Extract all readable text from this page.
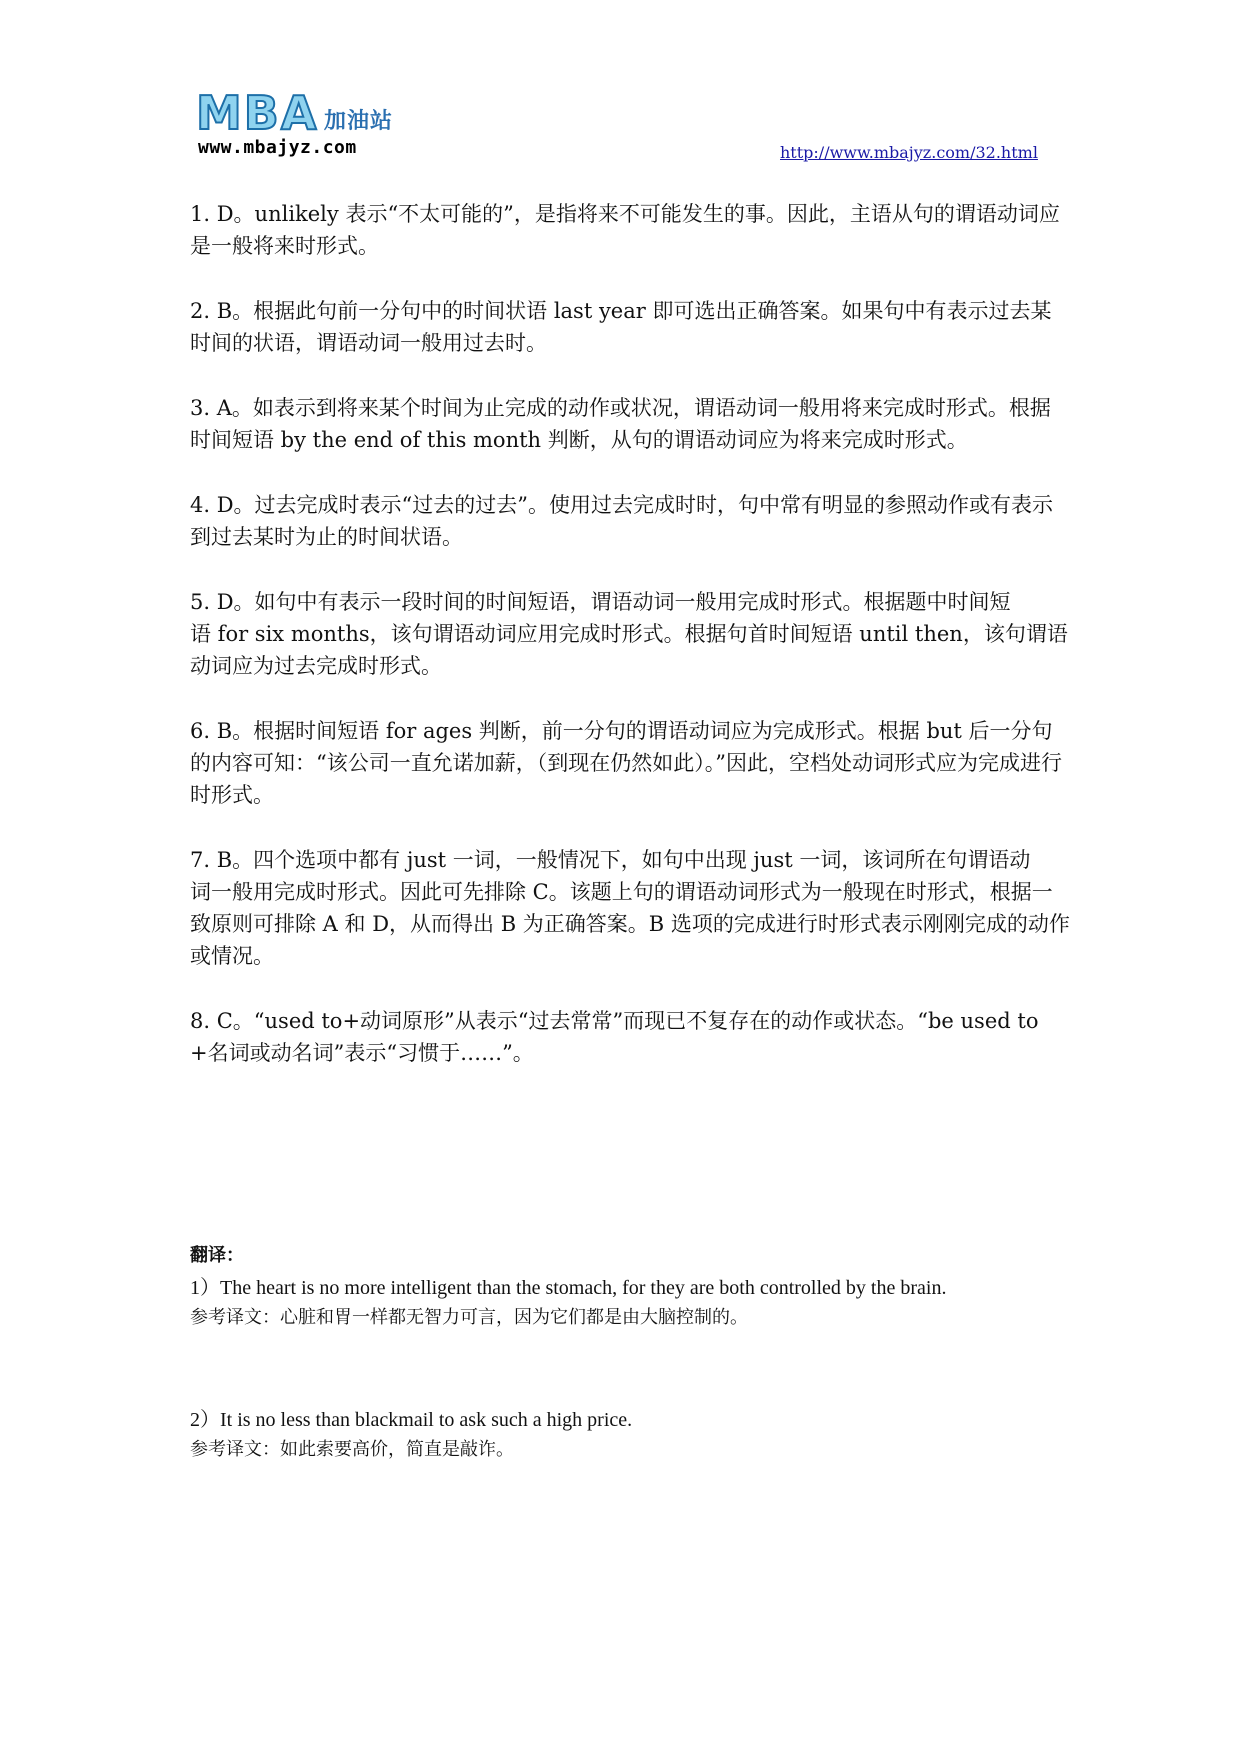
MBA 加油站
www.mbajyz.com	http://www.mbajyz.com/32.html

1. D。unlikely 表示“不太可能的”，是指将来不可能发生的事。因此，主语从句的谓语动词应是一般将来时形式。

2. B。根据此句前一分句中的时间状语 last year 即可选出正确答案。如果句中有表示过去某时间的状语，谓语动词一般用过去时。

3. A。如表示到将来某个时间为止完成的动作或状况，谓语动词一般用将来完成时形式。根据时间短语 by the end of this month 判断，从句的谓语动词应为将来完成时形式。

4. D。过去完成时表示“过去的过去”。使用过去完成时时，句中常有明显的参照动作或有表示到过去某时为止的时间状语。

5. D。如句中有表示一段时间的时间短语，谓语动词一般用完成时形式。根据题中时间短
语 for six months，该句谓语动词应用完成时形式。根据句首时间短语 until then，该句谓语动词应为过去完成时形式。

6. B。根据时间短语 for ages 判断，前一分句的谓语动词应为完成形式。根据 but 后一分句的内容可知：“该公司一直允诺加薪，（到现在仍然如此）。”因此，空档处动词形式应为完成进行时形式。

7. B。四个选项中都有 just 一词，一般情况下，如句中出现 just 一词，该词所在句谓语动
词一般用完成时形式。因此可先排除 C。该题上句的谓语动词形式为一般现在时形式，根据一致原则可排除 A 和 D，从而得出 B 为正确答案。B 选项的完成进行时形式表示刚刚完成的动作或情况。

8. C。“used to+动词原形”从表示“过去常常”而现已不复存在的动作或状态。“be used to+名词或动名词”表示“习惯于……”。

翻译：
1）The heart is no more intelligent than the stomach, for they are both controlled by the brain.
参考译文：心脏和胃一样都无智力可言，因为它们都是由大脑控制的。
2）It is no less than blackmail to ask such a high price.
参考译文：如此索要高价，简直是敲诈。
